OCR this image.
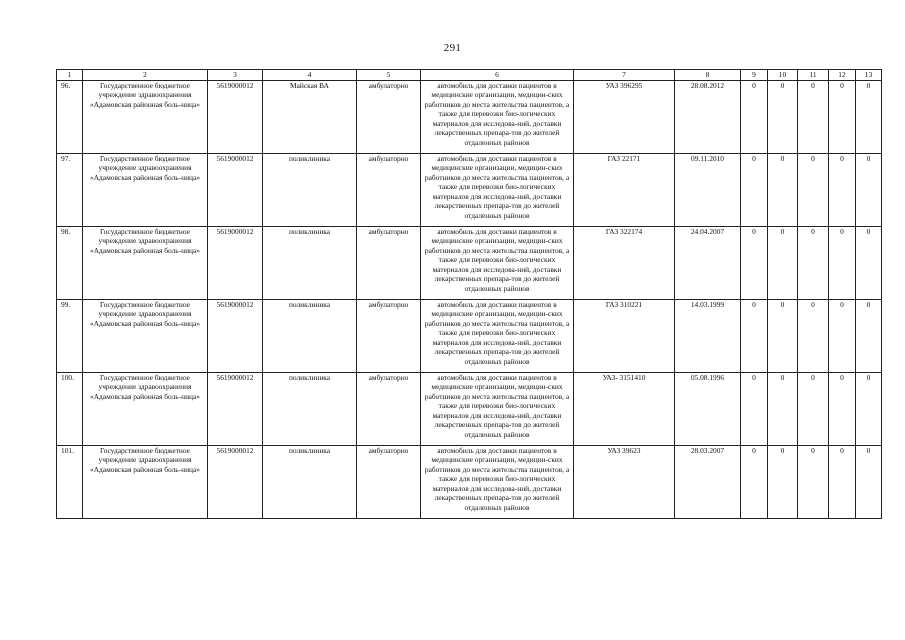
291
1	2	3	4	5	6	7	8	9	10	11	12	13
96.	Государственное бюджетное учреждение здравоохранения «Адамовская районная боль-ница»	5619000012	Майская ВА	амбулаторно	автомобиль для доставки пациентов в медицинские организации, медицин-ских работников до места жительства пациентов, а также для перевозки био-логических материалов для исследова-ний, доставки лекарственных препара-тов до жителей отдаленных районов	УАЗ 396295	28.08.2012	0	0	0	0	0
97.	Государственное бюджетное учреждение здравоохранения «Адамовская районная боль-ница»	5619000012	поликлиника	амбулаторно	автомобиль для доставки пациентов в медицинские организации, медицин-ских работников до места жительства пациентов, а также для перевозки био-логических материалов для исследова-ний, доставки лекарственных препара-тов до жителей отдаленных районов	ГАЗ 22171	09.11.2010	0	0	0	0	0
98.	Государственное бюджетное учреждение здравоохранения «Адамовская районная боль-ница»	5619000012	поликлиника	амбулаторно	автомобиль для доставки пациентов в медицинские организации, медицин-ских работников до места жительства пациентов, а также для перевозки био-логических материалов для исследова-ний, доставки лекарственных препара-тов до жителей отдаленных районов	ГАЗ 322174	24.04.2007	0	0	0	0	0
99.	Государственное бюджетное учреждение здравоохранения «Адамовская районная боль-ница»	5619000012	поликлиника	амбулаторно	автомобиль для доставки пациентов в медицинские организации, медицин-ских работников до места жительства пациентов, а также для перевозки био-логических материалов для исследова-ний, доставки лекарственных препара-тов до жителей отдаленных районов	ГАЗ 310221	14.03.1999	0	0	0	0	0
100.	Государственное бюджетное учреждение здравоохранения «Адамовская районная боль-ница»	5619000012	поликлиника	амбулаторно	автомобиль для доставки пациентов в медицинские организации, медицин-ских работников до места жительства пациентов, а также для перевозки био-логических материалов для исследова-ний, доставки лекарственных препара-тов до жителей отдаленных районов	УАЗ- 3151410	05.08.1996	0	0	0	0	0
101.	Государственное бюджетное учреждение здравоохранения «Адамовская районная боль-ница»	5619000012	поликлиника	амбулаторно	автомобиль для доставки пациентов в медицинские организации, медицин-ских работников до места жительства пациентов, а также для перевозки био-логических материалов для исследова-ний, доставки лекарственных препара-тов до жителей отдаленных районов	УАЗ 39623	28.03.2007	0	0	0	0	0
